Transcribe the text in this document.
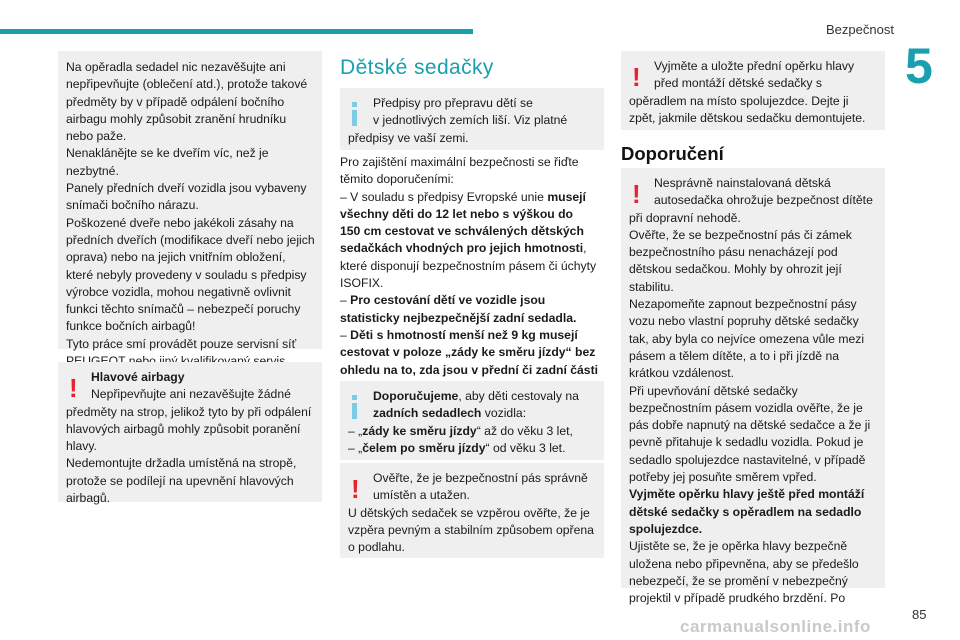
Bezpečnost
5

Na opěradla sedadel nic nezavěšujte ani

nepřipevňujte (oblečení atd.), protože takové

předměty by v případě odpálení bočního

airbagu mohly způsobit zranění hrudníku

nebo paže.

Nenaklánějte se ke dveřím víc, než je

nezbytné.

Panely předních dveří vozidla jsou vybaveny

snímači bočního nárazu.

Poškozené dveře nebo jakékoli zásahy na

předních dveřích (modifikace dveří nebo jejich

oprava) nebo na jejich vnitřním obložení,

které nebyly provedeny v souladu s předpisy

výrobce vozidla, mohou negativně ovlivnit

funkci těchto snímačů – nebezpečí poruchy

funkce bočních airbagů!

Tyto práce smí provádět pouze servisní síť

! Hlavové airbagy

Nepřipevňujte ani nezavěšujte žádné

předměty na strop, jelikož tyto by při odpálení

hlavových airbagů mohly způsobit poranění

hlavy.

Nedemontujte držadla umístěná na stropě,

protože se podílejí na upevnění hlavových

airbagů.

Dětské sedačky

Předpisy pro přepravu dětí se

v jednotlivých zemích liší. Viz platné

předpisy ve vaší zemi.

Pro zajištění maximální bezpečnosti se řiďte

těmito doporučeními:

– V souladu s předpisy Evropské unie musejí

všechny děti do 12 let nebo s výškou do

150 cm cestovat ve schválených dětských

sedačkách vhodných pro jejich hmotnosti,

které disponují bezpečnostním pásem či úchyty

ISOFIX.

– Pro cestování dětí ve vozidle jsou

statisticky nejbezpečnější zadní sedadla.

– Děti s hmotností menší než 9 kg musejí

cestovat v poloze „zády ke směru jízdy“ bez

ohledu na to, zda jsou v přední či zadní části

Doporučujeme, aby děti cestovaly na

zadních sedadlech vozidla:

– „zády ke směru jízdy“ až do věku 3 let,

– „čelem po směru jízdy“ od věku 3 let.

! Ověřte, že je bezpečnostní pás správně

umístěn a utažen.

U dětských sedaček se vzpěrou ověřte, že je

vzpěra pevným a stabilním způsobem opřena

o podlahu.

! Vyjměte a uložte přední opěrku hlavy

před montáží dětské sedačky s

opěradlem na místo spolujezdce. Dejte ji

zpět, jakmile dětskou sedačku demontujete.

Doporučení
! Nesprávně nainstalovaná dětská

autosedačka ohrožuje bezpečnost dítěte

při dopravní nehodě.

Ověřte, že se bezpečnostní pás či zámek

bezpečnostního pásu nenacházejí pod

dětskou sedačkou. Mohly by ohrozit její

stabilitu.

Nezapomeňte zapnout bezpečnostní pásy

vozu nebo vlastní popruhy dětské sedačky

tak, aby byla co nejvíce omezena vůle mezi

pásem a tělem dítěte, a to i při jízdě na

krátkou vzdálenost.

Při upevňování dětské sedačky

bezpečnostním pásem vozidla ověřte, že je

pás dobře napnutý na dětské sedačce a že ji

pevně přitahuje k sedadlu vozidla. Pokud je

sedadlo spolujezdce nastavitelné, v případě

potřeby jej posuňte směrem vpřed.

Vyjměte opěrku hlavy ještě před montáží

dětské sedačky s opěradlem na sedadlo

spolujezdce.

Ujistěte se, že je opěrka hlavy bezpečně

uložena nebo připevněna, aby se předešlo

nebezpečí, že se promění v nebezpečný

projektil v případě prudkého brzdění. Po

85
carmanualsonline.info
